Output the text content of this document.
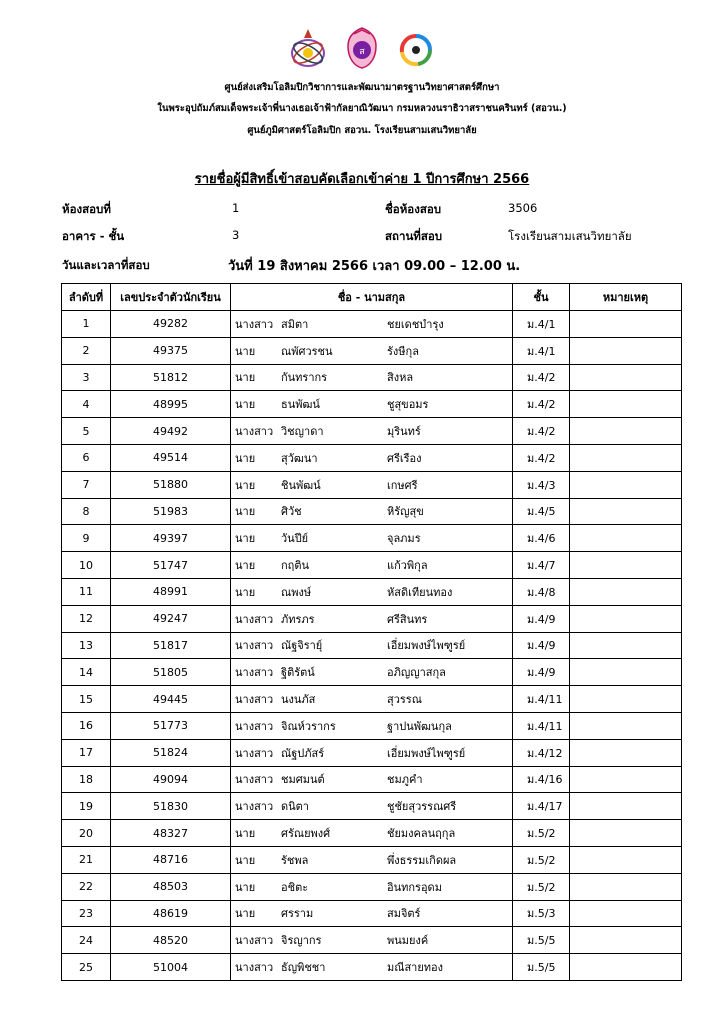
ส
ศูนย์ส่งเสริมโอลิมปิกวิชาการและพัฒนามาตรฐานวิทยาศาสตร์ศึกษา
ในพระอุปถัมภ์สมเด็จพระเจ้าพี่นางเธอเจ้าฟ้ากัลยาณิวัฒนา กรมหลวงนราธิวาสราชนครินทร์ (สอวน.)
ศูนย์ภูมิศาสตร์โอลิมปิก สอวน. โรงเรียนสามเสนวิทยาลัย
รายชื่อผู้มีสิทธิ์เข้าสอบคัดเลือกเข้าค่าย 1 ปีการศึกษา 2566
ห้องสอบที่	1	ชื่อห้องสอบ	3506
อาคาร - ชั้น	3	สถานที่สอบ	โรงเรียนสามเสนวิทยาลัย
วันและเวลาที่สอบ	วันที่ 19 สิงหาคม 2566 เวลา 09.00 – 12.00 น.
ลำดับที่	เลขประจำตัวนักเรียน	ชื่อ - นามสกุล	ชั้น	หมายเหตุ
1	49282	นางสาว สมิตา ชยเดชบำรุง	ม.4/1	
2	49375	นาย ณพัศวรชน รังษีกุล	ม.4/1	
3	51812	นาย กันทรากร สิงหล	ม.4/2	
4	48995	นาย ธนพัฒน์ ชูสุขอมร	ม.4/2	
5	49492	นางสาว วิชญาดา มุรินทร์	ม.4/2	
6	49514	นาย สุวัฒนา ศรีเรือง	ม.4/2	
7	51880	นาย ชินพัฒน์ เกษศรี	ม.4/3	
8	51983	นาย ศิวัช หิรัญสุข	ม.4/5	
9	49397	นาย วันปีย์ จุลภมร	ม.4/6	
10	51747	นาย กฤติน แก้วพิกุล	ม.4/7	
11	48991	นาย ณพงษ์ หัสดิเทียนทอง	ม.4/8	
12	49247	นางสาว ภัทรภร ศรีสินทร	ม.4/9	
13	51817	นางสาว ณัฐจิรายุ์ เอี่ยมพงษ์ไพฑูรย์	ม.4/9	
14	51805	นางสาว ฐิติรัตน์ อภิญญาสกุล	ม.4/9	
15	49445	นางสาว นงนภัส สุวรรณ	ม.4/11	
16	51773	นางสาว จิณห์วรากร ฐาปนพัฒนกุล	ม.4/11	
17	51824	นางสาว ณัฐปภัสร์ เอี่ยมพงษ์ไพฑูรย์	ม.4/12	
18	49094	นางสาว ชมศมนต์ ชมภูคำ	ม.4/16	
19	51830	นางสาว ดนิตา ชูชัยสุวรรณศรี	ม.4/17	
20	48327	นาย ศรัณยพงศ์ ชัยมงคลนฤกุล	ม.5/2	
21	48716	นาย รัชพล พึ่งธรรมเกิดผล	ม.5/2	
22	48503	นาย อชิตะ อินทกรอุดม	ม.5/2	
23	48619	นาย ศรราม สมจิตร์	ม.5/3	
24	48520	นางสาว จิรญากร พนมยงค์	ม.5/5	
25	51004	นางสาว ธัญพิชชา มณีสายทอง	ม.5/5	
